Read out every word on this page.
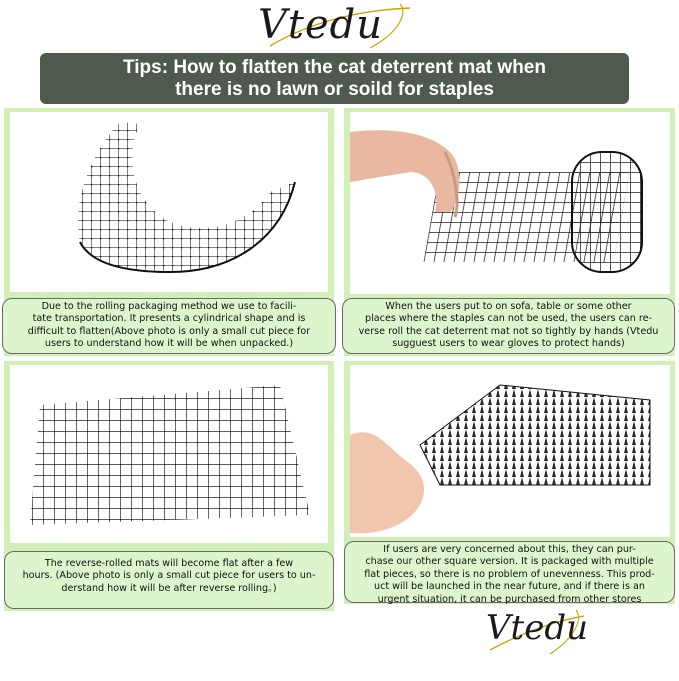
Vtedu
Tips: How to flatten the cat deterrent mat when
there is no lawn or soild for staples
Due to the rolling packaging method we use to facili-
tate transportation. It presents a cylindrical shape and is
difficult to flatten(Above photo is only a small cut piece for
users to understand how it will be when unpacked.)
When the users put to on sofa, table or some other
places where the staples can not be used, the users can re-
verse roll the cat deterrent mat not so tightly by hands (Vtedu
sugguest users to wear gloves to protect hands)
The reverse-rolled mats will become flat after a few
hours. (Above photo is only a small cut piece for users to un-
derstand how it will be after reverse rolling。)
If users are very concerned about this, they can pur-
chase our other square version. It is packaged with multiple
flat pieces, so there is no problem of unevenness. This prod-
uct will be launched in the near future, and if there is an
urgent situation, it can be purchased from other stores
Vtedu
